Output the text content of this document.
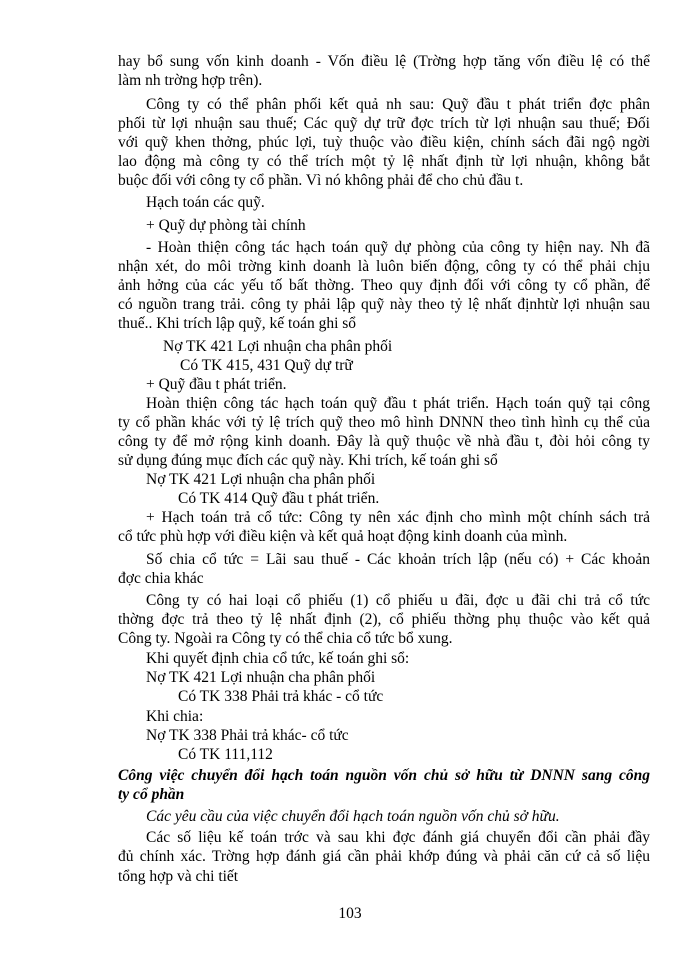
hay bổ sung vốn kinh doanh - Vốn điều lệ (Trờng hợp tăng vốn điều lệ có thể
làm nh trờng hợp trên).
Công ty có thể phân phối kết quả nh sau: Quỹ đầu t phát triển đợc phân
phối từ lợi nhuận sau thuế; Các quỹ dự trữ đợc trích từ lợi nhuận sau thuế; Đối
với quỹ khen thởng, phúc lợi, tuỳ thuộc vào điều kiện, chính sách đãi ngộ ngời
lao động mà công ty có thể trích một tỷ lệ nhất định từ lợi nhuận, không bắt
buộc đối với công ty cổ phần. Vì nó không phải để cho chủ đầu t.
Hạch toán các quỹ.
+ Quỹ dự phòng tài chính
- Hoàn thiện công tác hạch toán quỹ dự phòng của công ty hiện nay. Nh đã
nhận xét, do môi trờng kinh doanh là luôn biến động, công ty có thể phải chịu
ảnh hởng của các yếu tố bất thờng. Theo quy định đối với công ty cổ phần, để
có nguồn trang trải. công ty phải lập quỹ này theo tỷ lệ nhất địnhtừ lợi nhuận sau
thuế.. Khi trích lập quỹ, kế toán ghi sổ
Nợ TK 421 Lợi nhuận cha phân phối
Có TK 415, 431 Quỹ dự trữ
+ Quỹ đầu t phát triển.
Hoàn thiện công tác hạch toán quỹ đầu t phát triển. Hạch toán quỹ tại công
ty cổ phần khác với tỷ lệ trích quỹ theo mô hình DNNN theo tình hình cụ thể của
công ty để mở rộng kinh doanh. Đây là quỹ thuộc về nhà đầu t, đòi hỏi công ty
sử dụng đúng mục đích các quỹ này. Khi trích, kế toán ghi sổ
Nợ TK 421 Lợi nhuận cha phân phối
Có TK 414 Quỹ đầu t phát triển.
+ Hạch toán trả cổ tức: Công ty nên xác định cho mình một chính sách trả
cổ tức phù hợp với điều kiện và kết quả hoạt động kinh doanh của mình.
Số chia cổ tức = Lãi sau thuế - Các khoản trích lập (nếu có) + Các khoản
đợc chia khác
Công ty có hai loại cổ phiếu (1) cổ phiếu u đãi, đợc u đãi chi trả cổ tức
thờng đợc trả theo tỷ lệ nhất định (2), cổ phiếu thờng phụ thuộc vào kết quả
Công ty. Ngoài ra Công ty có thể chia cổ tức bổ xung.
Khi quyết định chia cổ tức, kế toán ghi sổ:
Nợ TK 421 Lợi nhuận cha phân phối
Có TK 338 Phải trả khác - cổ tức
Khi chia:
Nợ TK 338 Phải trả khác- cổ tức
Có TK 111,112
Công việc chuyển đổi hạch toán nguồn vốn chủ sở hữu từ DNNN sang công
ty cổ phần
Các yêu cầu của việc chuyển đổi hạch toán nguồn vốn chủ sở hữu.
Các số liệu kế toán trớc và sau khi đợc đánh giá chuyển đổi cần phải đầy
đủ chính xác. Trờng hợp đánh giá cần phải khớp đúng và phải căn cứ cả số liệu
tổng hợp và chi tiết
103
